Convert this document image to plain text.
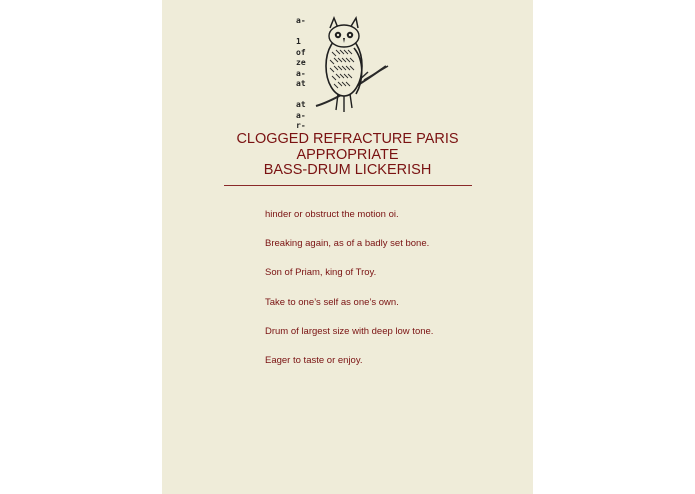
a-

1
of
ze
a-
at

at
a-
r-
CLOGGED REFRACTURE PARIS
APPROPRIATE
BASS-DRUM LICKERISH
hinder or obstruct the motion oi.
Breaking again, as of a badly set bone.
Son of Priam, king of Troy.
Take to one’s self as one’s own.
Drum of largest size with deep low tone.
Eager to taste or enjoy.
